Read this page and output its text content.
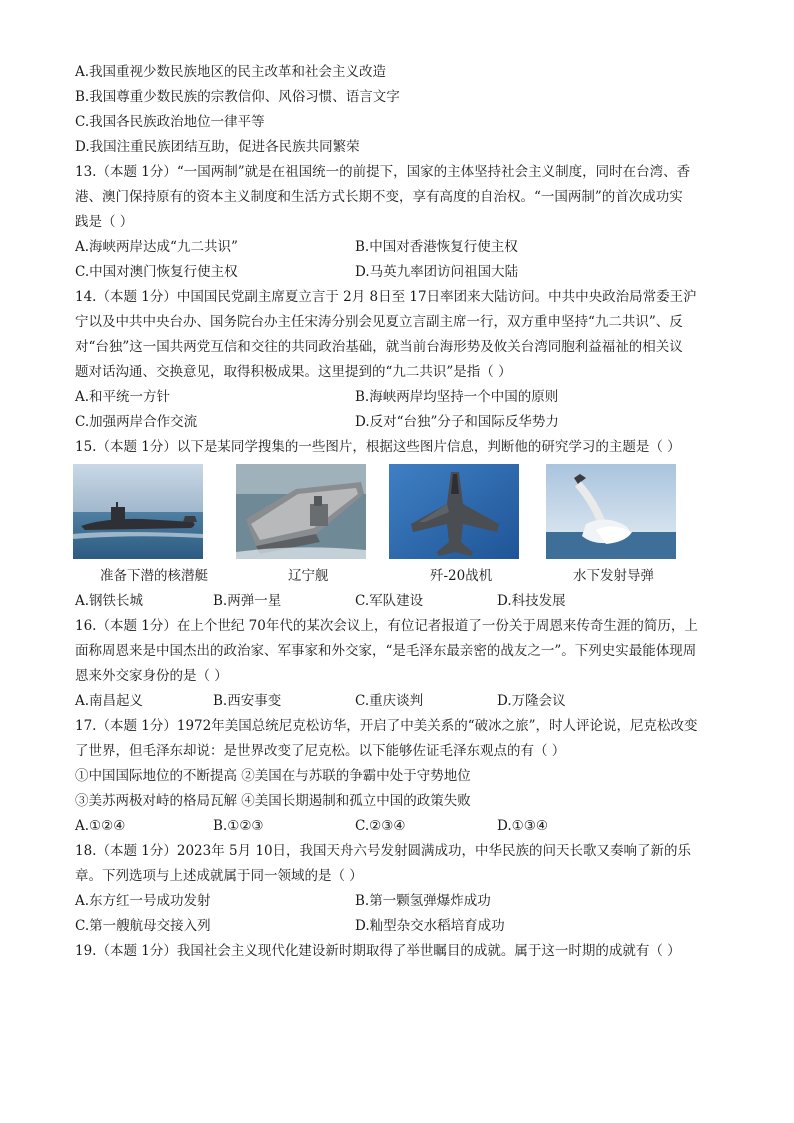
A.我国重视少数民族地区的民主改革和社会主义改造
B.我国尊重少数民族的宗教信仰、风俗习惯、语言文字
C.我国各民族政治地位一律平等
D.我国注重民族团结互助，促进各民族共同繁荣
13.（本题 1分）“一国两制”就是在祖国统一的前提下，国家的主体坚持社会主义制度，同时在台湾、香
港、澳门保持原有的资本主义制度和生活方式长期不变，享有高度的自治权。“一国两制”的首次成功实
践是（ ）
A.海峡两岸达成“九二共识”	B.中国对香港恢复行使主权
C.中国对澳门恢复行使主权	D.马英九率团访问祖国大陆
14.（本题 1分）中国国民党副主席夏立言于 2月 8日至 17日率团来大陆访问。中共中央政治局常委王沪
宁以及中共中央台办、国务院台办主任宋涛分别会见夏立言副主席一行，双方重申坚持“九二共识”、反
对“台独”这一国共两党互信和交往的共同政治基础，就当前台海形势及攸关台湾同胞利益福祉的相关议
题对话沟通、交换意见，取得积极成果。这里提到的“九二共识”是指（ ）
A.和平统一方针	B.海峡两岸均坚持一个中国的原则
C.加强两岸合作交流	D.反对“台独”分子和国际反华势力
15.（本题 1分）以下是某同学搜集的一些图片，根据这些图片信息，判断他的研究学习的主题是（ ）
准备下潜的核潜艇	辽宁舰	歼-20战机	水下发射导弹
A.钢铁长城	B.两弹一星	C.军队建设	D.科技发展
16.（本题 1分）在上个世纪 70年代的某次会议上，有位记者报道了一份关于周恩来传奇生涯的简历，上
面称周恩来是中国杰出的政治家、军事家和外交家，“是毛泽东最亲密的战友之一”。下列史实最能体现周
恩来外交家身份的是（ ）
A.南昌起义	B.西安事变	C.重庆谈判	D.万隆会议
17.（本题 1分）1972年美国总统尼克松访华，开启了中美关系的“破冰之旅”，时人评论说，尼克松改变
了世界，但毛泽东却说：是世界改变了尼克松。以下能够佐证毛泽东观点的有（ ）
①中国国际地位的不断提高 ②美国在与苏联的争霸中处于守势地位
③美苏两极对峙的格局瓦解 ④美国长期遏制和孤立中国的政策失败
A.①②④	B.①②③	C.②③④	D.①③④
18.（本题 1分）2023年 5月 10日，我国天舟六号发射圆满成功，中华民族的问天长歌又奏响了新的乐
章。下列选项与上述成就属于同一领域的是（ ）
A.东方红一号成功发射	B.第一颗氢弹爆炸成功
C.第一艘航母交接入列	D.籼型杂交水稻培育成功
19.（本题 1分）我国社会主义现代化建设新时期取得了举世瞩目的成就。属于这一时期的成就有（ ）
